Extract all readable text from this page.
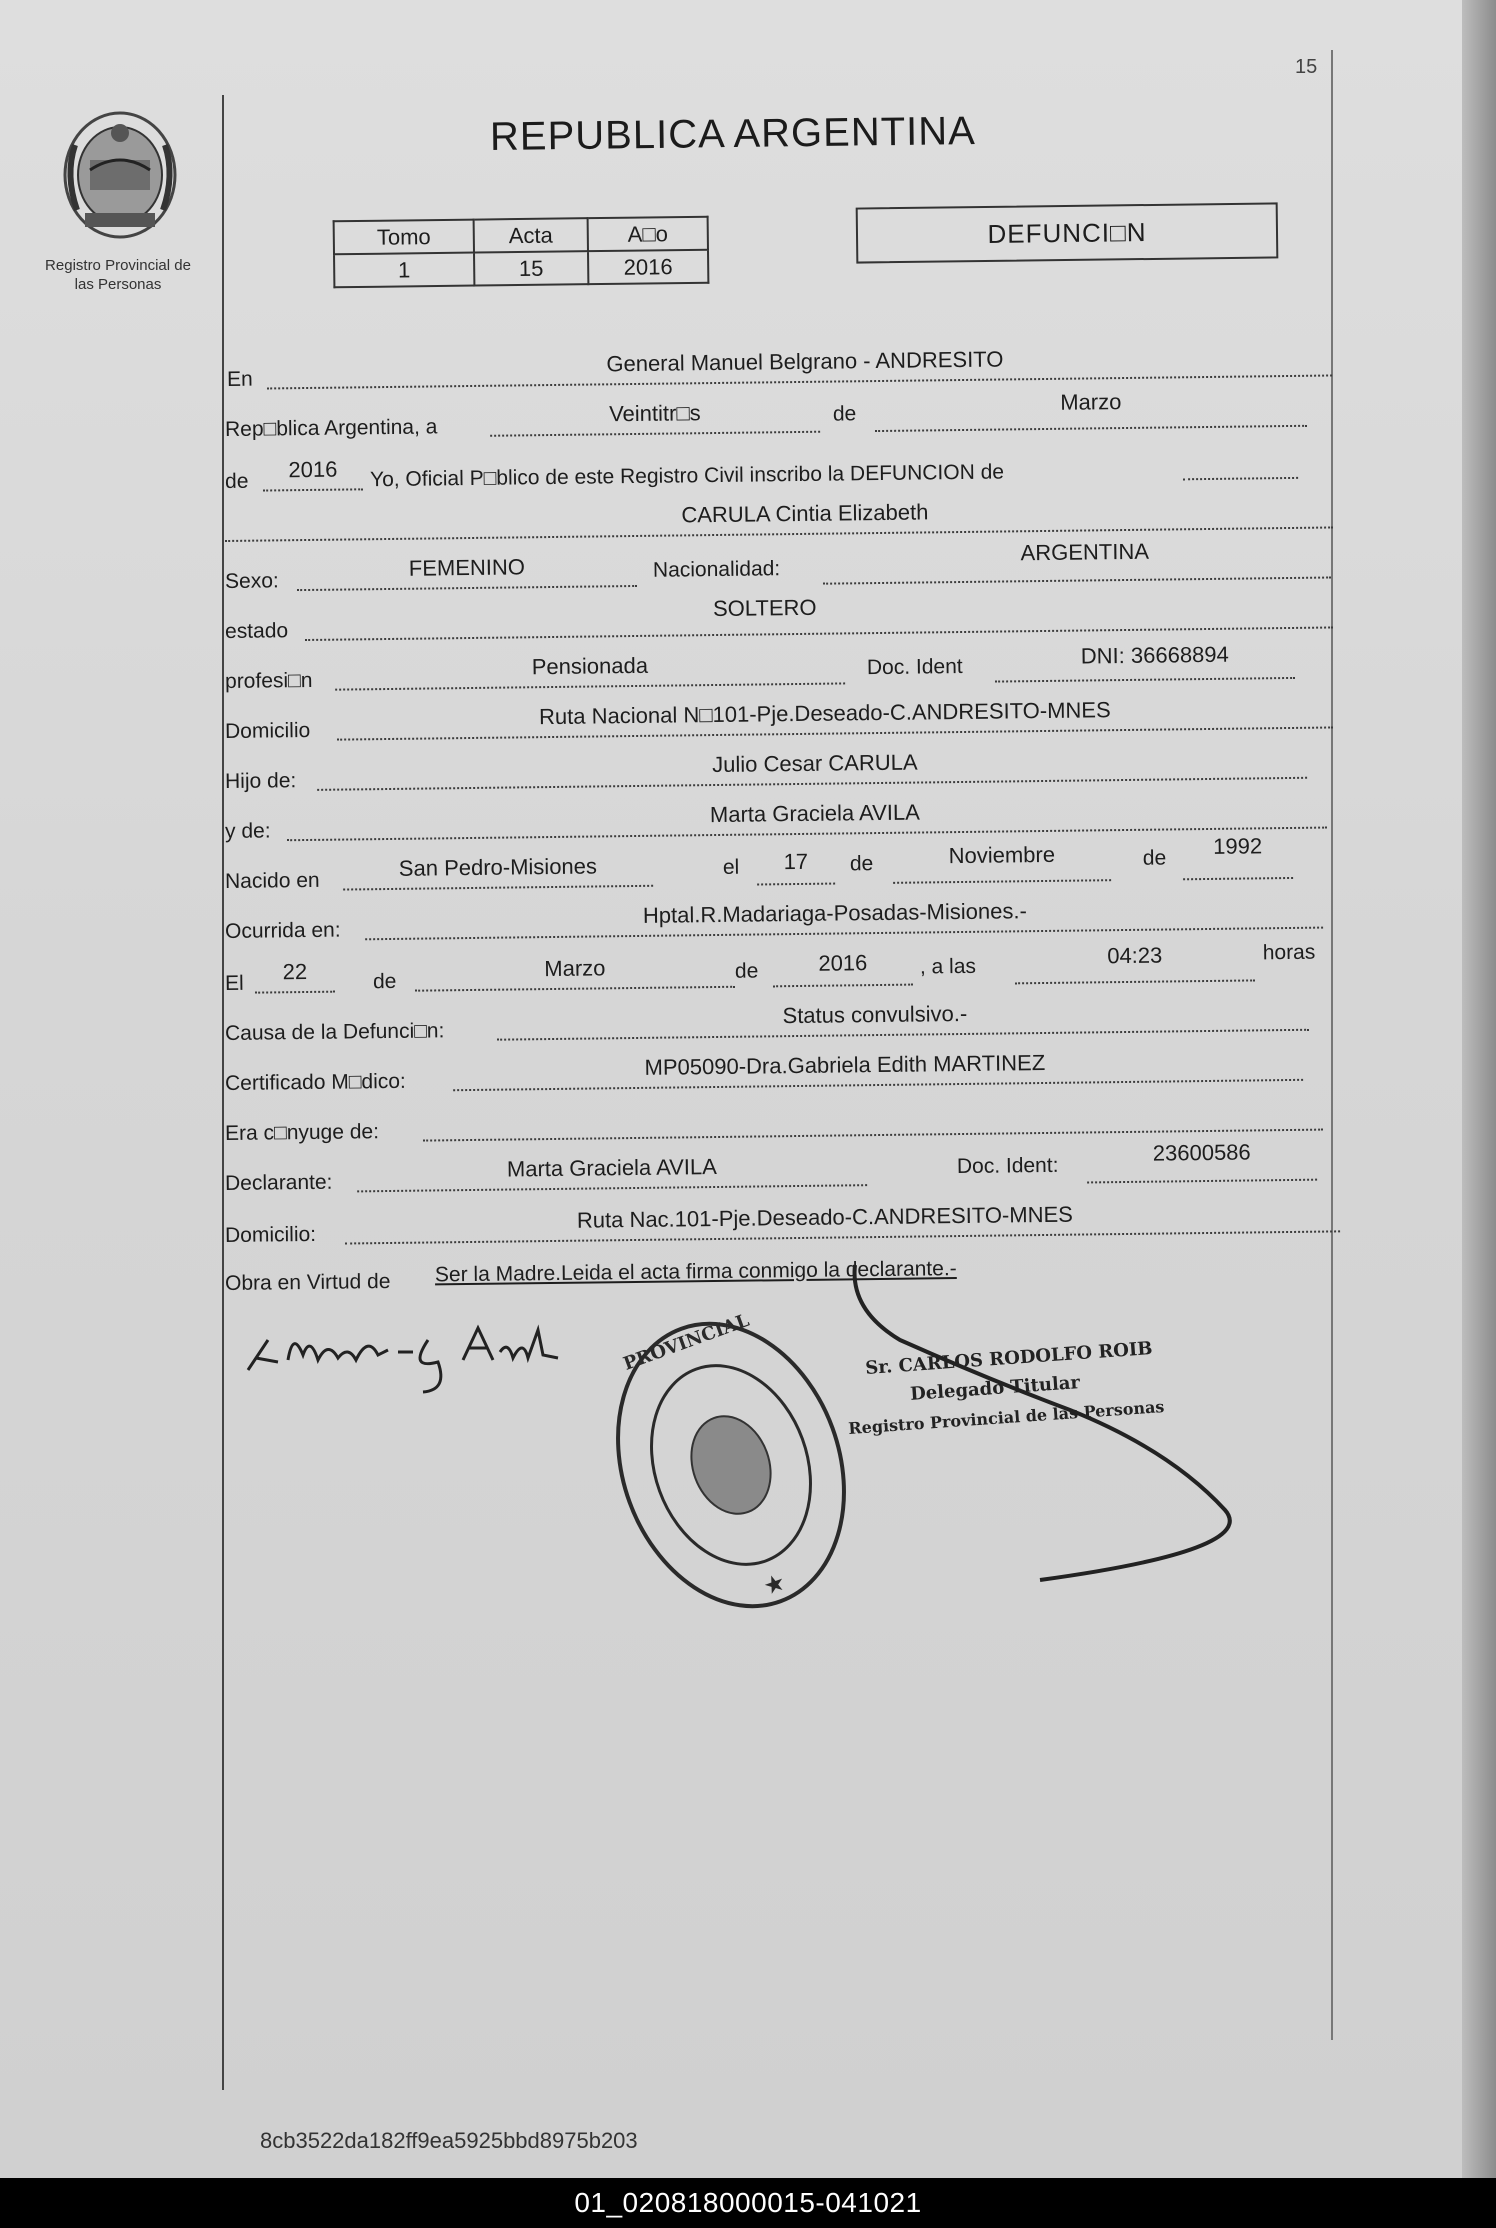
15
Registro Provincial de
las Personas
REPUBLICA ARGENTINA
Tomo	Acta	A□o
1	15	2016
DEFUNCI□N
En
General Manuel Belgrano - ANDRESITO
Rep□blica Argentina, a
Veintitr□s	de	Marzo
de	2016	Yo, Oficial P□blico de este Registro Civil inscribo la DEFUNCION de
CARULA Cintia Elizabeth
Sexo:
FEMENINO	Nacionalidad:
ARGENTINA
estado
SOLTERO
profesi□n
Pensionada	Doc. Ident	DNI: 36668894
Domicilio
Ruta Nacional N□101-Pje.Deseado-C.ANDRESITO-MNES
Hijo de:
Julio Cesar CARULA
y de:
Marta Graciela AVILA
Nacido en
San Pedro-Misiones	el	17	de	Noviembre	de	1992
Ocurrida en:
Hptal.R.Madariaga-Posadas-Misiones.-
El	22	de
Marzo	de	2016	, a las	04:23	horas
Causa de la Defunci□n:
Status convulsivo.-
Certificado M□dico:
MP05090-Dra.Gabriela Edith MARTINEZ
Era c□nyuge de:
Declarante:
Marta Graciela AVILA	Doc. Ident:
23600586
Domicilio:
Ruta Nac.101-Pje.Deseado-C.ANDRESITO-MNES
Obra en Virtud de Ser la Madre.Leida el acta firma conmigo la declarante.-
PROVINCIAL
★
Sr. CARLOS RODOLFO ROIB
Delegado Titular
Registro Provincial de las Personas
8cb3522da182ff9ea5925bbd8975b203
01_020818000015-041021
